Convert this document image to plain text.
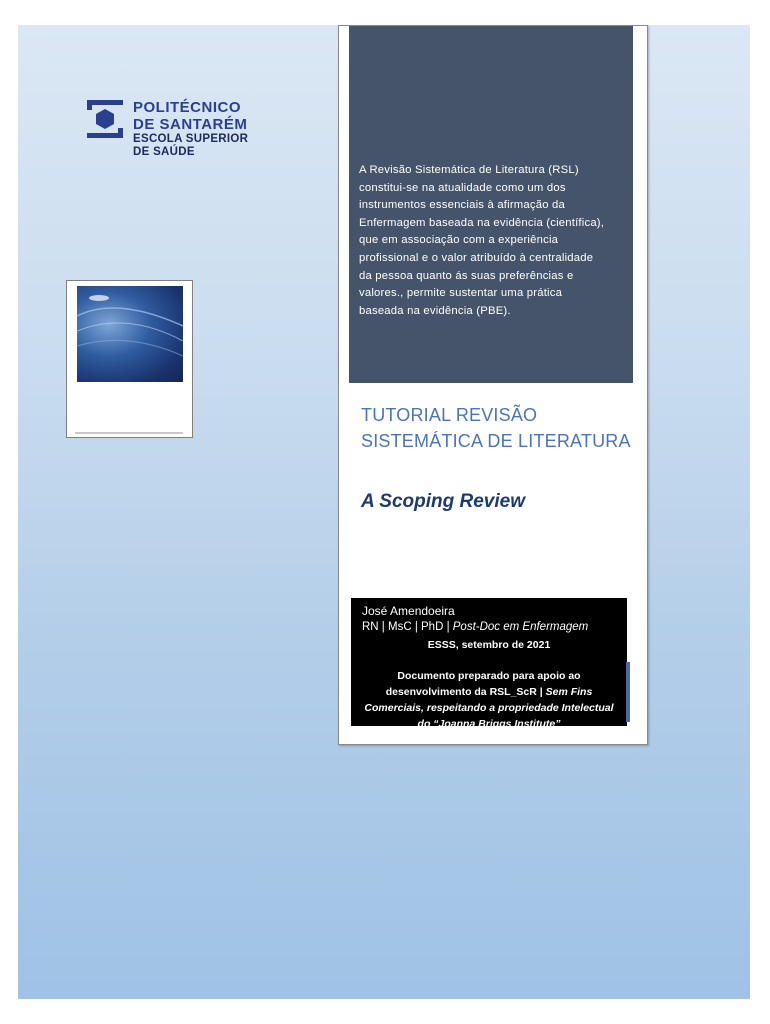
POLITÉCNICO
DE SANTARÉM
ESCOLA SUPERIOR
DE SAÚDE
A Revisão Sistemática de Literatura (RSL) constitui-se na atualidade como um dos instrumentos essenciais à afirmação da Enfermagem baseada na evidência (científica), que em associação com a experiência profissional e o valor atribuído à centralidade da pessoa quanto ás suas preferências e valores., permite sustentar uma prática baseada na evidência (PBE).
TUTORIAL REVISÃO SISTEMÁTICA DE LITERATURA
A Scoping Review
José Amendoeira
RN | MsC | PhD | Post-Doc em Enfermagem
ESSS, setembro de 2021
Documento preparado para apoio ao desenvolvimento da RSL_ScR | Sem Fins Comerciais, respeitando a propriedade Intelectual do “Joanna Briggs Institute”
